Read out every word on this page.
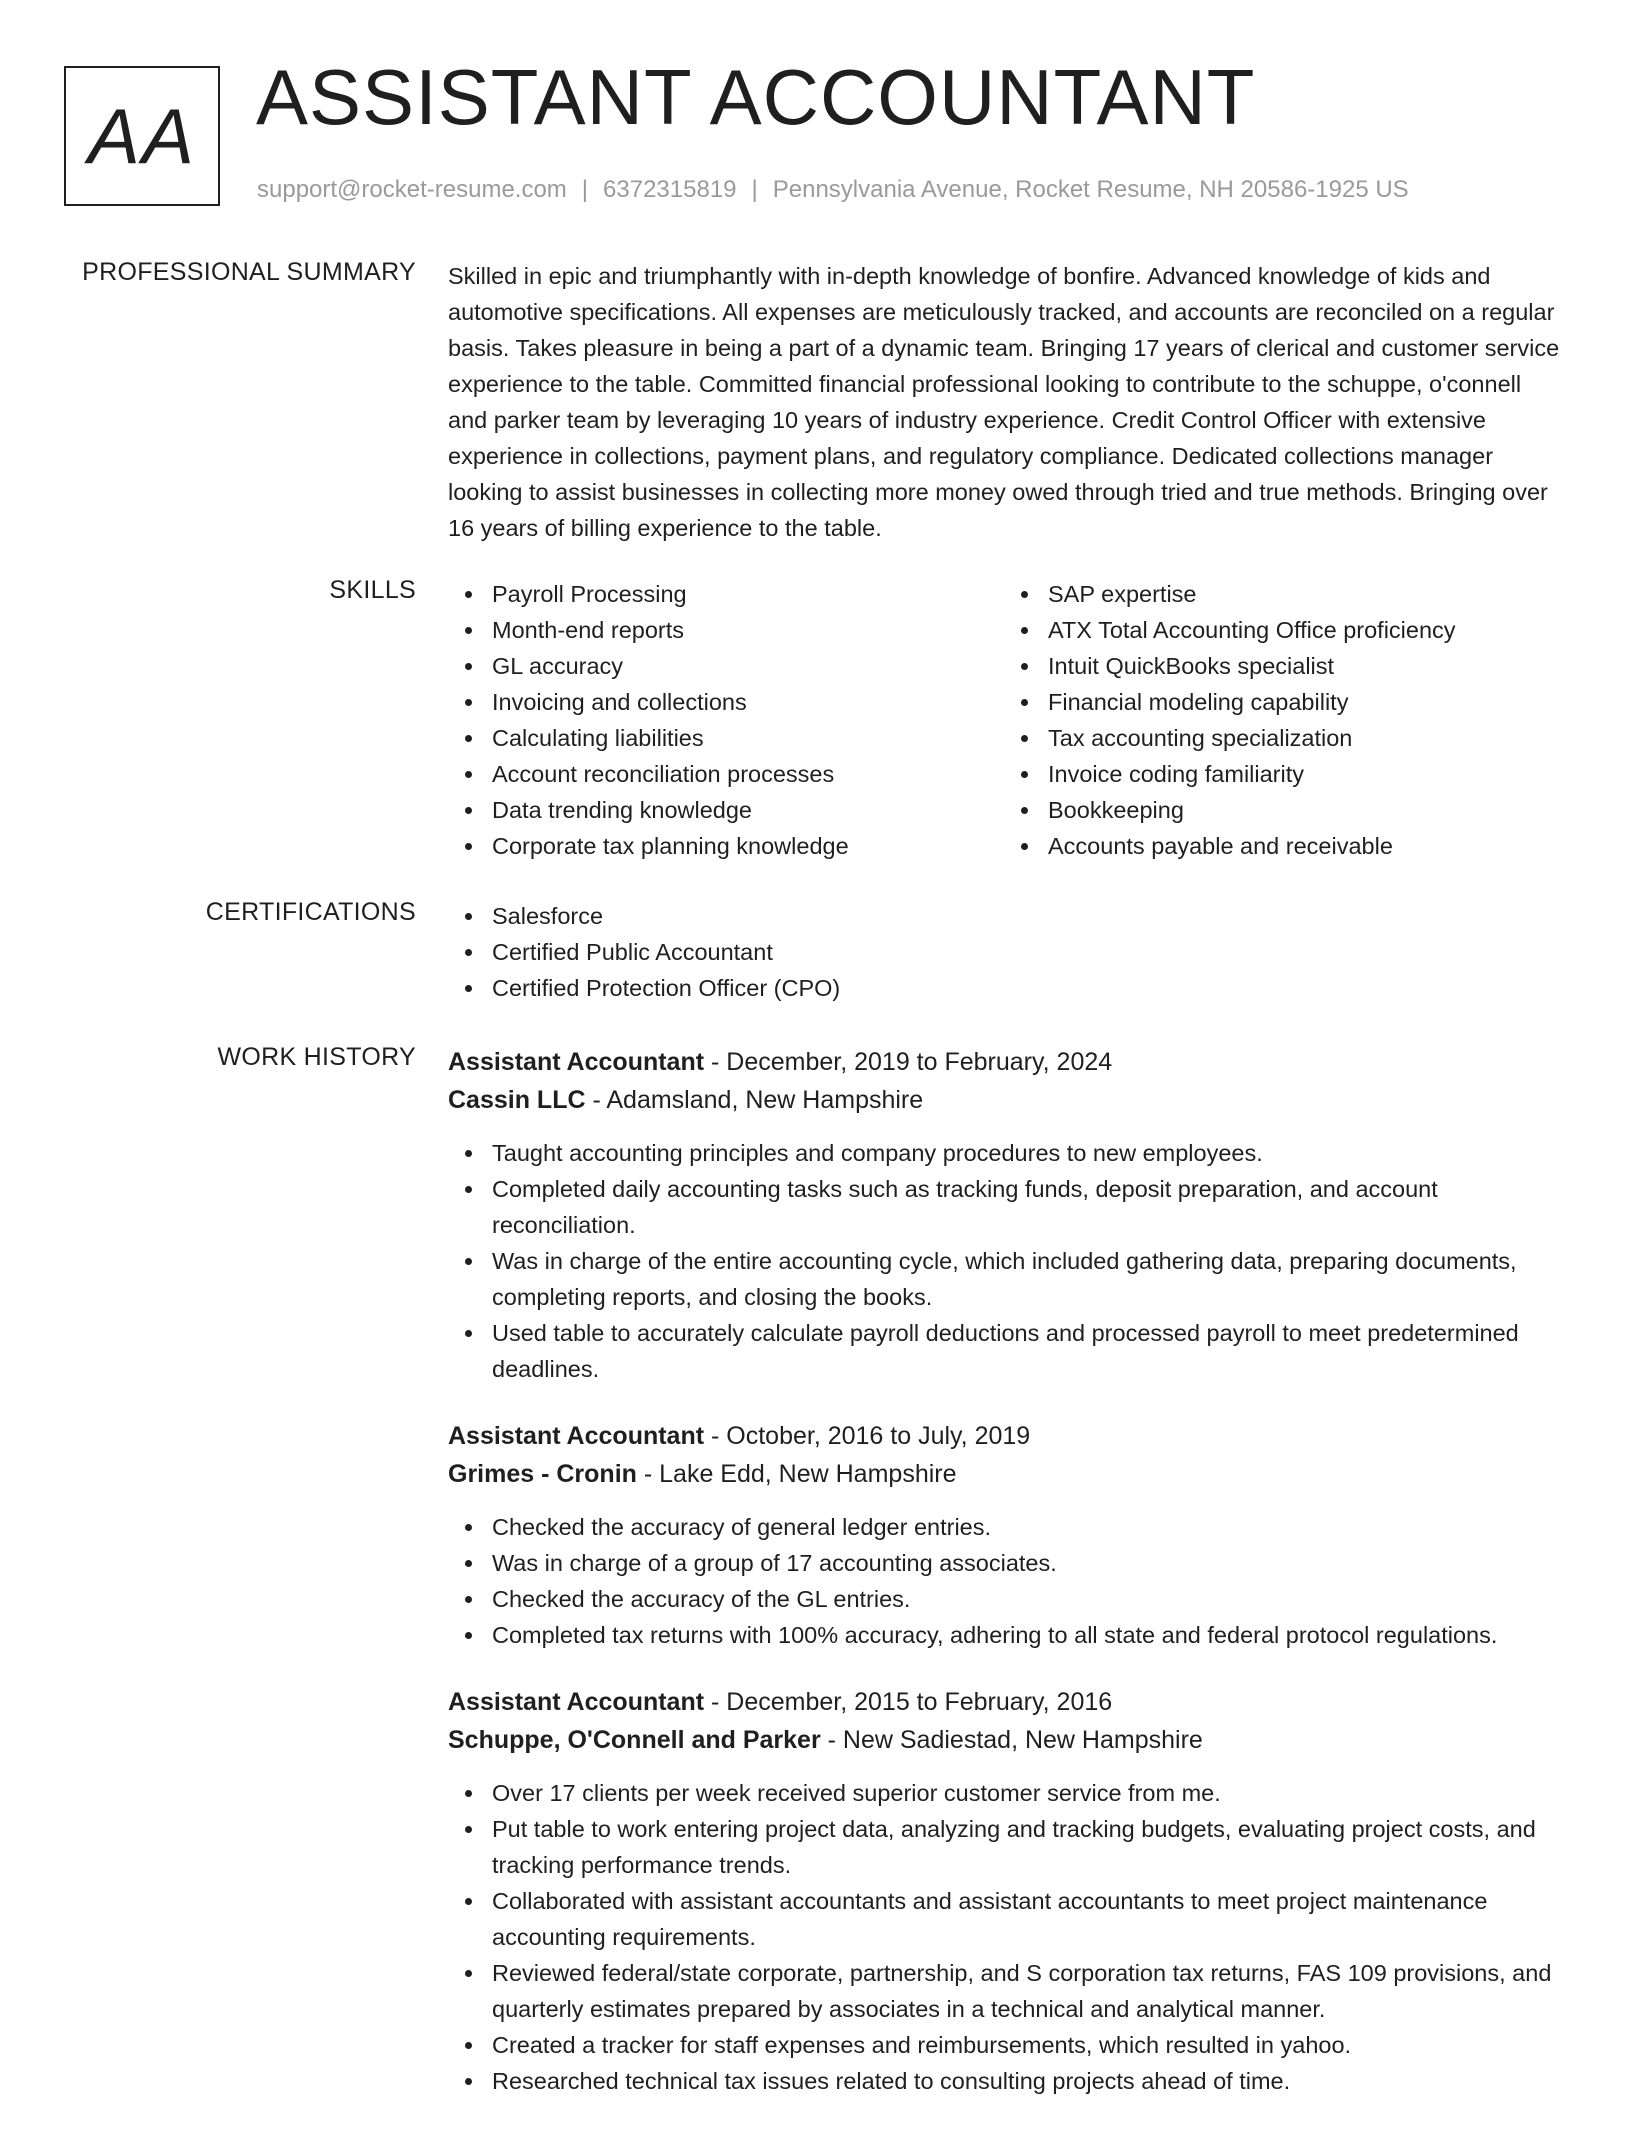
AA ASSISTANT ACCOUNTANT
support@rocket-resume.com | 6372315819 | Pennsylvania Avenue, Rocket Resume, NH 20586-1925 US
PROFESSIONAL SUMMARY Skilled in epic and triumphantly with in-depth knowledge of bonfire. Advanced knowledge of kids and automotive specifications. All expenses are meticulously tracked, and accounts are reconciled on a regular basis. Takes pleasure in being a part of a dynamic team. Bringing 17 years of clerical and customer service experience to the table. Committed financial professional looking to contribute to the schuppe, o'connell and parker team by leveraging 10 years of industry experience. Credit Control Officer with extensive experience in collections, payment plans, and regulatory compliance. Dedicated collections manager looking to assist businesses in collecting more money owed through tried and true methods. Bringing over 16 years of billing experience to the table.
SKILLS	Payroll Processing
Month-end reports
GL accuracy
Invoicing and collections
Calculating liabilities
Account reconciliation processes
Data trending knowledge
Corporate tax planning knowledge
SAP expertise
ATX Total Accounting Office proficiency
Intuit QuickBooks specialist
Financial modeling capability
Tax accounting specialization
Invoice coding familiarity
Bookkeeping
Accounts payable and receivable
CERTIFICATIONS	Salesforce
Certified Public Accountant
Certified Protection Officer (CPO)
WORK HISTORY Assistant Accountant - December, 2019 to February, 2024
Cassin LLC - Adamsland, New Hampshire
Taught accounting principles and company procedures to new employees.
Completed daily accounting tasks such as tracking funds, deposit preparation, and account reconciliation.
Was in charge of the entire accounting cycle, which included gathering data, preparing documents, completing reports, and closing the books.
Used table to accurately calculate payroll deductions and processed payroll to meet predetermined deadlines.
Assistant Accountant - October, 2016 to July, 2019
Grimes - Cronin - Lake Edd, New Hampshire
Checked the accuracy of general ledger entries.
Was in charge of a group of 17 accounting associates.
Checked the accuracy of the GL entries.
Completed tax returns with 100% accuracy, adhering to all state and federal protocol regulations.
Assistant Accountant - December, 2015 to February, 2016
Schuppe, O'Connell and Parker - New Sadiestad, New Hampshire
Over 17 clients per week received superior customer service from me.
Put table to work entering project data, analyzing and tracking budgets, evaluating project costs, and tracking performance trends.
Collaborated with assistant accountants and assistant accountants to meet project maintenance accounting requirements.
Reviewed federal/state corporate, partnership, and S corporation tax returns, FAS 109 provisions, and quarterly estimates prepared by associates in a technical and analytical manner.
Created a tracker for staff expenses and reimbursements, which resulted in yahoo.
Researched technical tax issues related to consulting projects ahead of time.
